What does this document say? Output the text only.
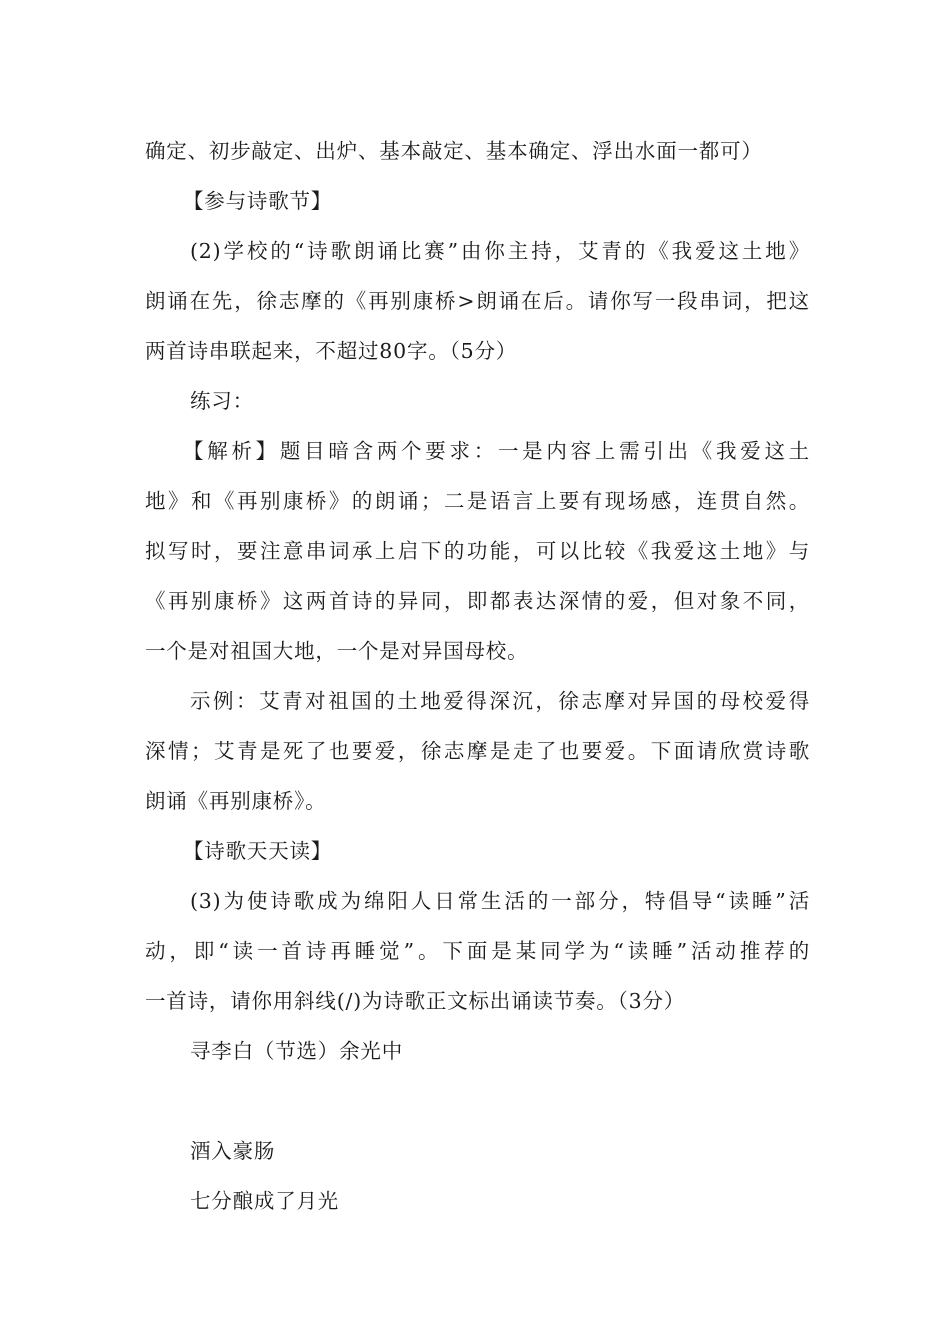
确定、初步敲定、出炉、基本敲定、基本确定、浮出水面一都可）
【参与诗歌节】
(2)学校的“诗歌朗诵比赛”由你主持，艾青的《我爱这土地》
朗诵在先，徐志摩的《再别康桥>朗诵在后。请你写一段串词，把这
两首诗串联起来，不超过80字。（5分）
练习：
【解析】题目暗含两个要求：一是内容上需引出《我爱这土
地》和《再别康桥》的朗诵；二是语言上要有现场感，连贯自然。
拟写时，要注意串词承上启下的功能，可以比较《我爱这土地》与
《再别康桥》这两首诗的异同，即都表达深情的爱，但对象不同，
一个是对祖国大地，一个是对异国母校。
示例：艾青对祖国的土地爱得深沉，徐志摩对异国的母校爱得
深情；艾青是死了也要爱，徐志摩是走了也要爱。下面请欣赏诗歌
朗诵《再别康桥》。
【诗歌天天读】
(3)为使诗歌成为绵阳人日常生活的一部分，特倡导“读睡”活
动，即“读一首诗再睡觉”。下面是某同学为“读睡”活动推荐的
一首诗，请你用斜线(/)为诗歌正文标出诵读节奏。（3分）
寻李白（节选）余光中
酒入豪肠
七分酿成了月光
